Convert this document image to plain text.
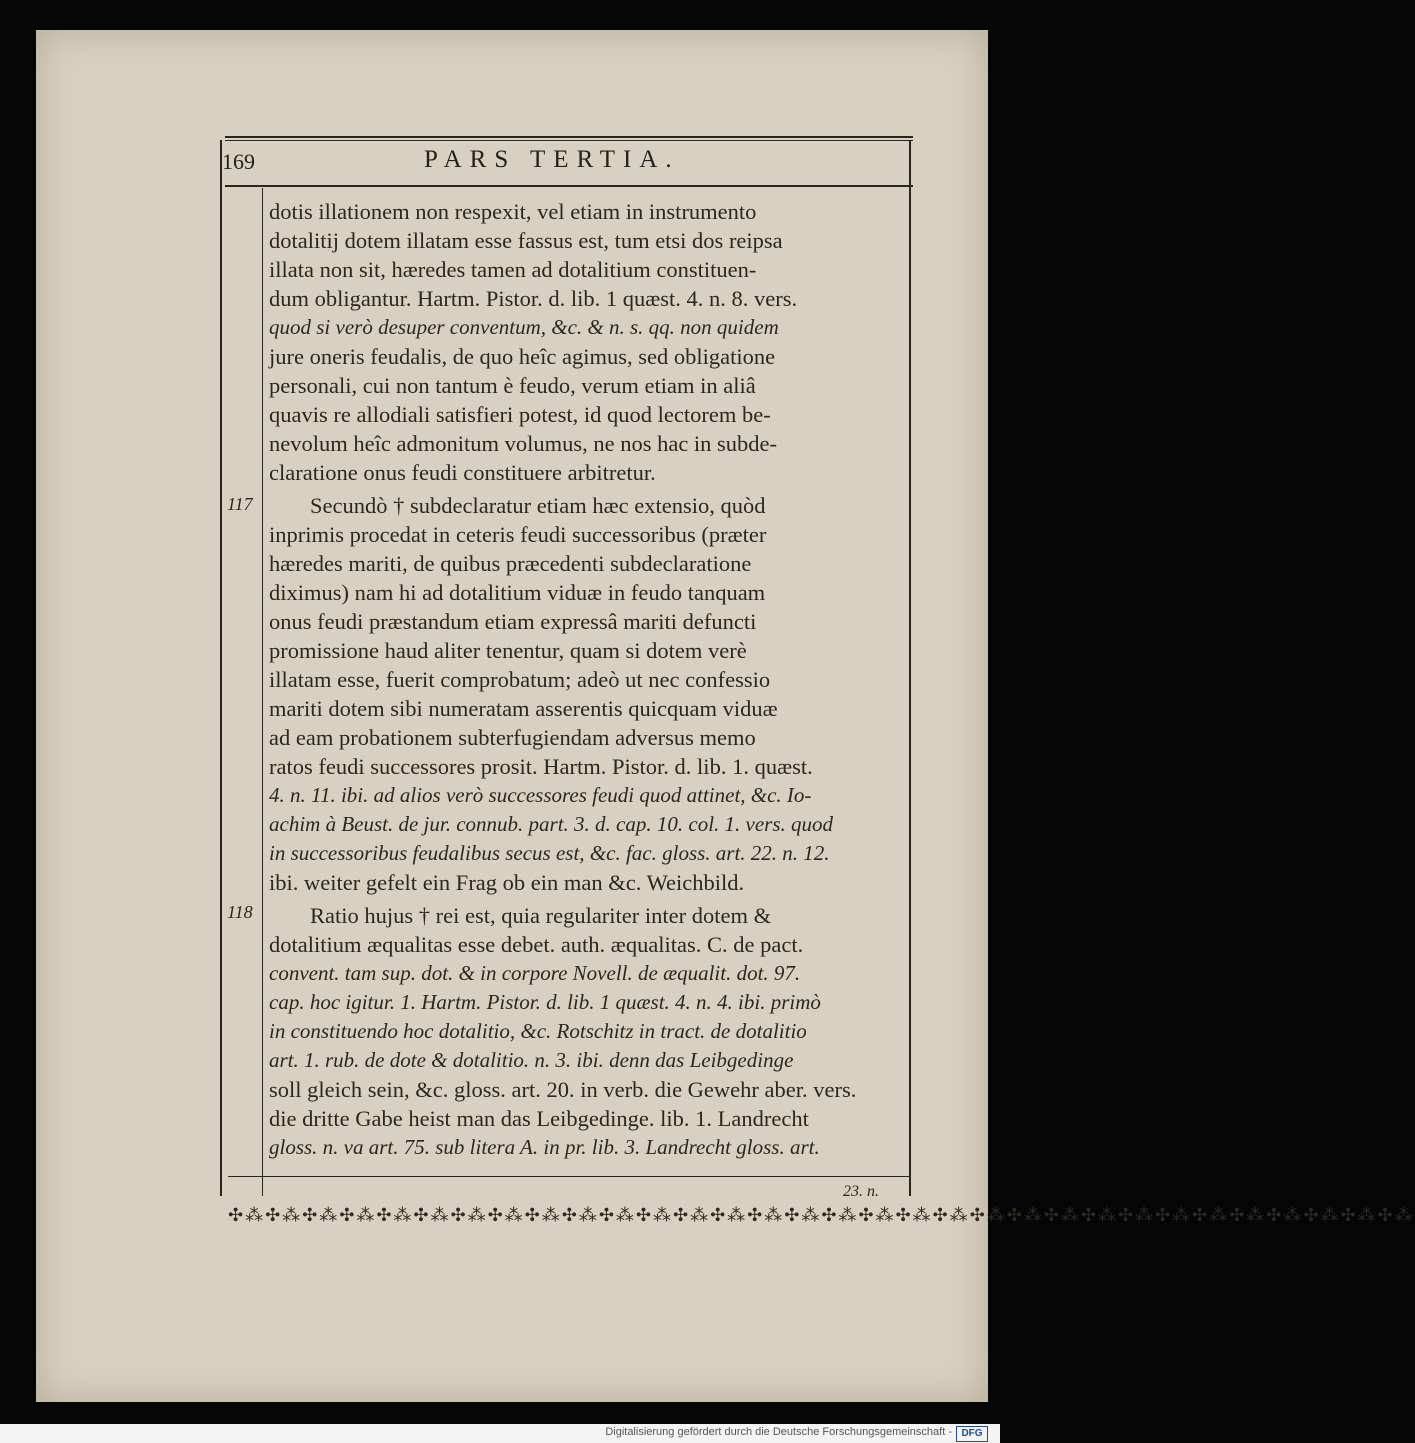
169	PARS TERTIA.
117
118
dotis illationem non respexit, vel etiam in instrumento
dotalitij dotem illatam esse fassus est, tum etsi dos reipsa
illata non sit, hæredes tamen ad dotalitium constituen-
dum obligantur. Hartm. Pistor. d. lib. 1 quæst. 4. n. 8. vers.
quod si verò desuper conventum, &c. & n. s. qq. non quidem
jure oneris feudalis, de quo heîc agimus, sed obligatione
personali, cui non tantum è feudo, verum etiam in aliâ
quavis re allodiali satisfieri potest, id quod lectorem be-
nevolum heîc admonitum volumus, ne nos hac in subde-
claratione onus feudi constituere arbitretur.
Secundò † subdeclaratur etiam hæc extensio, quòd
inprimis procedat in ceteris feudi successoribus (præter
hæredes mariti, de quibus præcedenti subdeclaratione
diximus) nam hi ad dotalitium viduæ in feudo tanquam
onus feudi præstandum etiam expressâ mariti defuncti
promissione haud aliter tenentur, quam si dotem verè
illatam esse, fuerit comprobatum; adeò ut nec confessio
mariti dotem sibi numeratam asserentis quicquam viduæ
ad eam probationem subterfugiendam adversus memo
ratos feudi successores prosit. Hartm. Pistor. d. lib. 1. quæst.
4. n. 11. ibi. ad alios verò successores feudi quod attinet, &c. Io-
achim à Beust. de jur. connub. part. 3. d. cap. 10. col. 1. vers. quod
in successoribus feudalibus secus est, &c. fac. gloss. art. 22. n. 12.
ibi. weiter gefelt ein Frag ob ein man &c. Weichbild.
Ratio hujus † rei est, quia regulariter inter dotem &
dotalitium æqualitas esse debet. auth. æqualitas. C. de pact.
convent. tam sup. dot. & in corpore Novell. de æqualit. dot. 97.
cap. hoc igitur. 1. Hartm. Pistor. d. lib. 1 quæst. 4. n. 4. ibi. primò
in constituendo hoc dotalitio, &c. Rotschitz in tract. de dotalitio
art. 1. rub. de dote & dotalitio. n. 3. ibi. denn das Leibgedinge
soll gleich sein, &c. gloss. art. 20. in verb. die Gewehr aber. vers.
die dritte Gabe heist man das Leibgedinge. lib. 1. Landrecht
gloss. n. va art. 75. sub litera A. in pr. lib. 3. Landrecht gloss. art.
23. n.
✣⁂✣⁂✣⁂✣⁂✣⁂✣⁂✣⁂✣⁂✣⁂✣⁂✣⁂✣⁂✣⁂✣⁂✣⁂✣⁂✣⁂✣⁂✣⁂✣⁂✣⁂✣⁂✣⁂✣⁂✣⁂✣⁂✣⁂✣⁂✣⁂✣⁂✣⁂✣⁂
Digitalisierung gefördert durch die Deutsche Forschungsgemeinschaft - DFG
